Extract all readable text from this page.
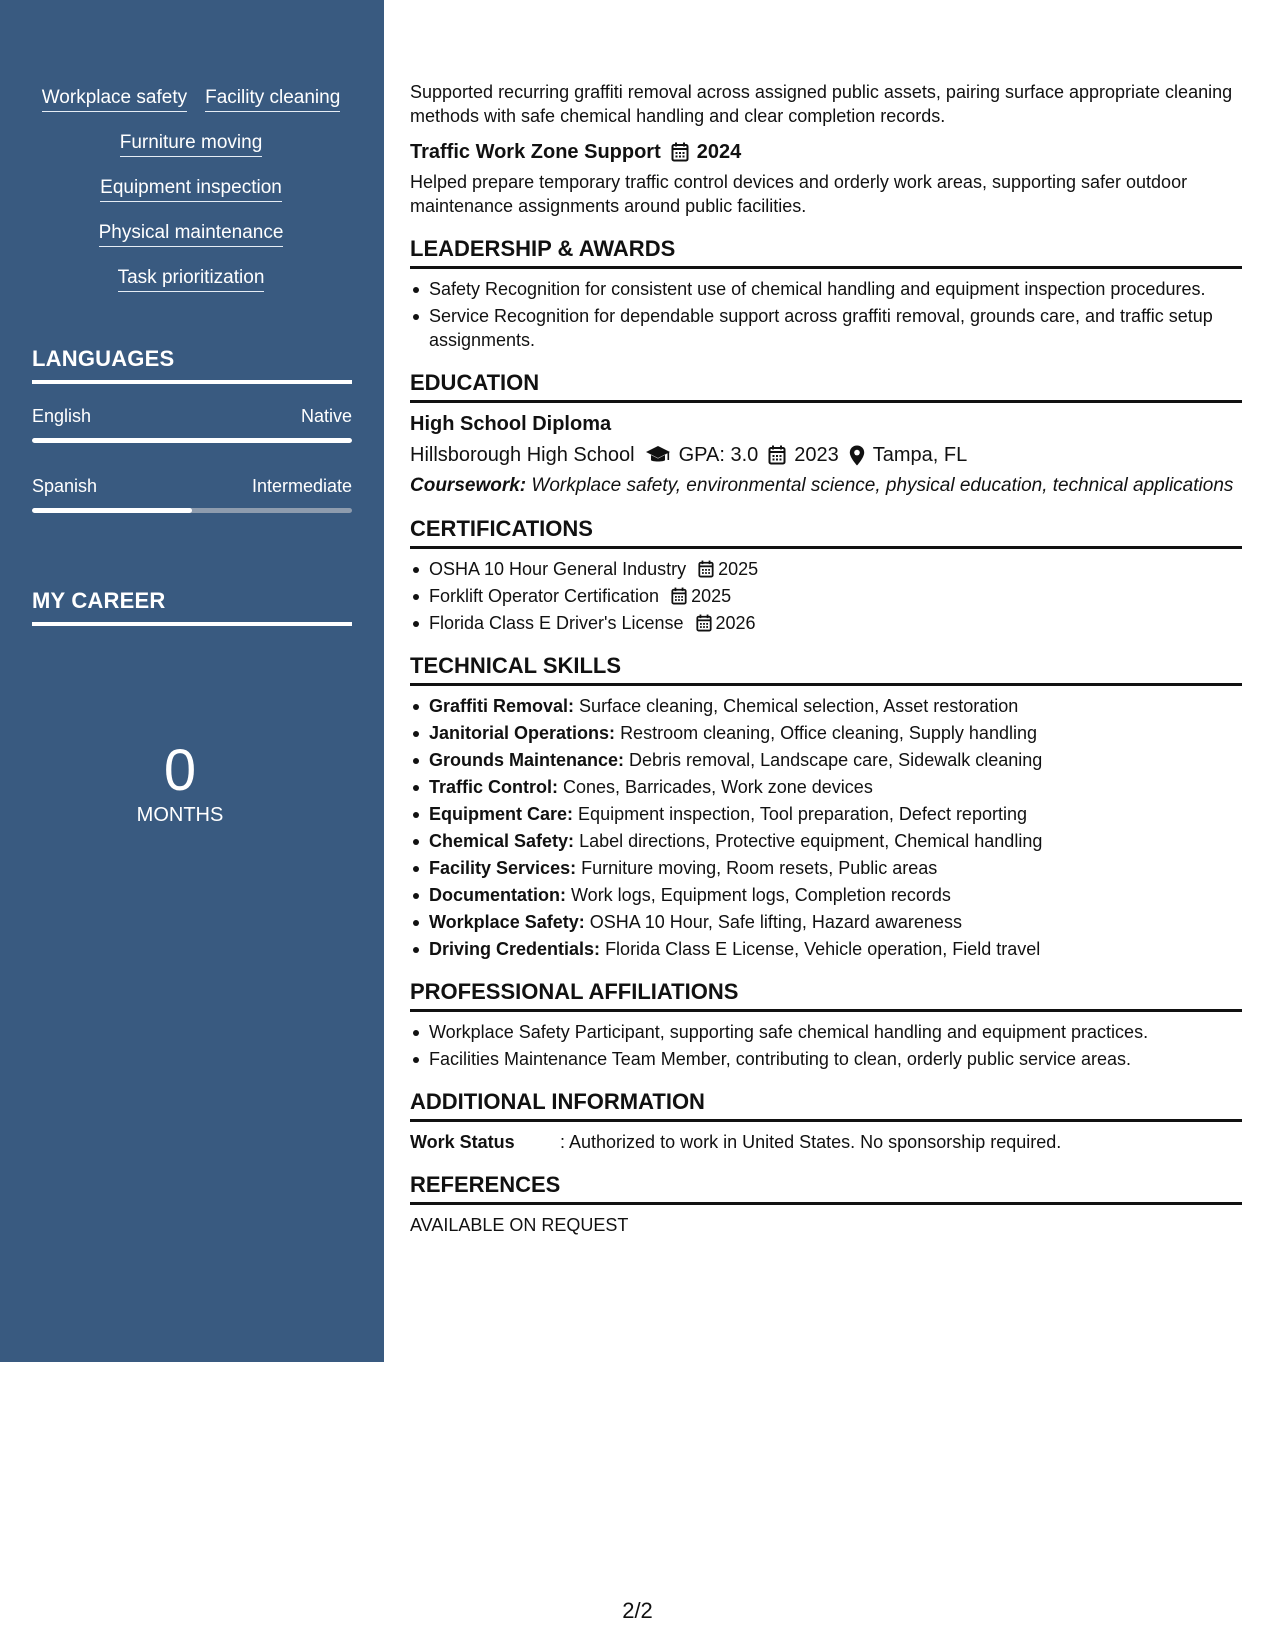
Workplace safety Facility cleaning
Furniture moving
Equipment inspection
Physical maintenance
Task prioritization
LANGUAGES
English	Native
Spanish	Intermediate
MY CAREER
0
MONTHS

Supported recurring graffiti removal across assigned public assets, pairing surface appropriate cleaning methods with safe chemical handling and clear completion records.

Traffic Work Zone Support 2024

Helped prepare temporary traffic control devices and orderly work areas, supporting safer outdoor maintenance assignments around public facilities.

LEADERSHIP & AWARDS
Safety Recognition for consistent use of chemical handling and equipment inspection procedures.
Service Recognition for dependable support across graffiti removal, grounds care, and traffic setup assignments.
EDUCATION
High School Diploma
Hillsborough High School GPA: 3.0 2023 Tampa, FL
Coursework: Workplace safety, environmental science, physical education, technical applications
CERTIFICATIONS
OSHA 10 Hour General Industry 2025
Forklift Operator Certification 2025
Florida Class E Driver's License 2026
TECHNICAL SKILLS
Graffiti Removal: Surface cleaning, Chemical selection, Asset restoration
Janitorial Operations: Restroom cleaning, Office cleaning, Supply handling
Grounds Maintenance: Debris removal, Landscape care, Sidewalk cleaning
Traffic Control: Cones, Barricades, Work zone devices
Equipment Care: Equipment inspection, Tool preparation, Defect reporting
Chemical Safety: Label directions, Protective equipment, Chemical handling
Facility Services: Furniture moving, Room resets, Public areas
Documentation: Work logs, Equipment logs, Completion records
Workplace Safety: OSHA 10 Hour, Safe lifting, Hazard awareness
Driving Credentials: Florida Class E License, Vehicle operation, Field travel
PROFESSIONAL AFFILIATIONS
Workplace Safety Participant, supporting safe chemical handling and equipment practices.
Facilities Maintenance Team Member, contributing to clean, orderly public service areas.
ADDITIONAL INFORMATION
Work Status	: Authorized to work in United States. No sponsorship required.
REFERENCES

AVAILABLE ON REQUEST

2/2
